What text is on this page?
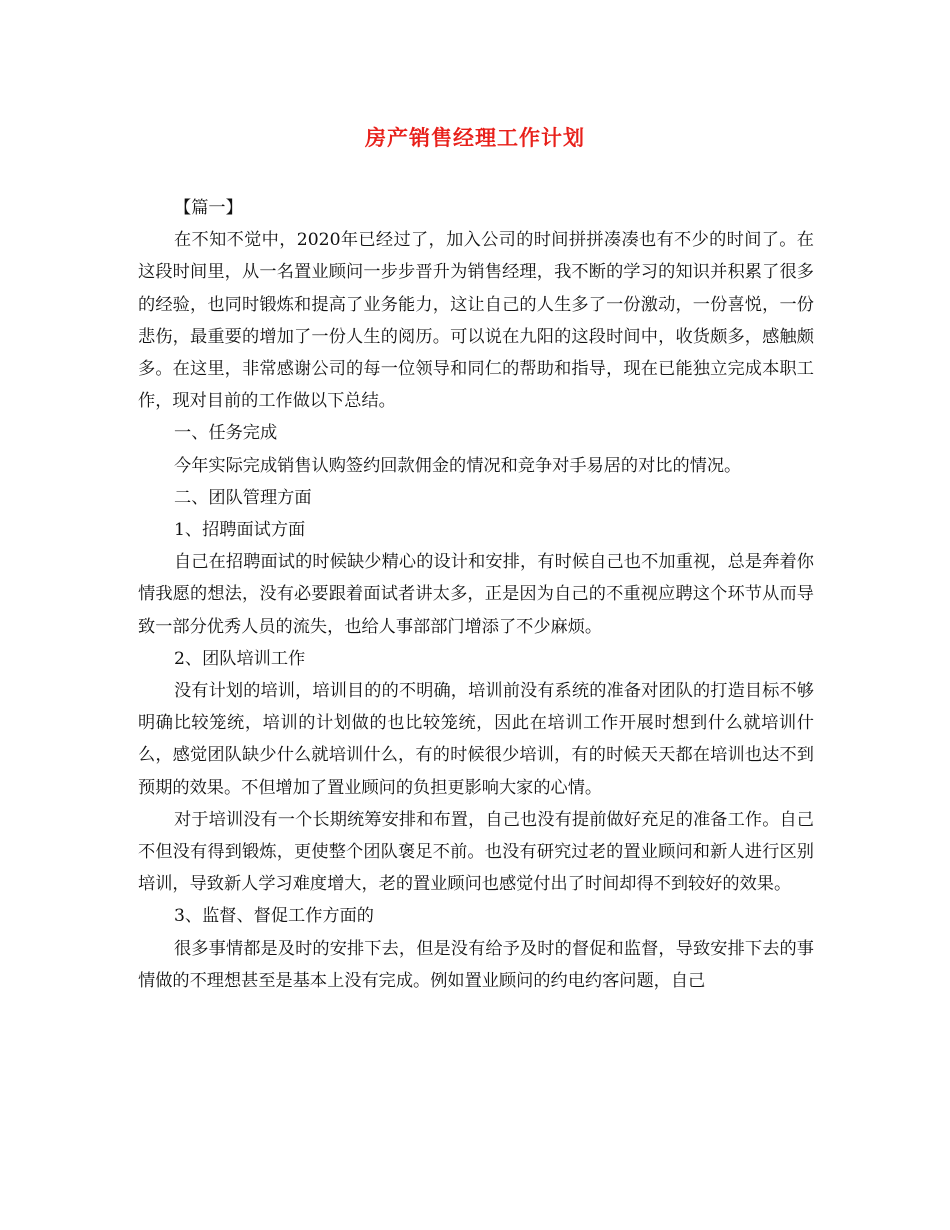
房产销售经理工作计划

【篇一】

在不知不觉中，2020年已经过了，加入公司的时间拼拼凑凑也有不少的时间了。在这段时间里，从一名置业顾问一步步晋升为销售经理，我不断的学习的知识并积累了很多的经验，也同时锻炼和提高了业务能力，这让自己的人生多了一份激动，一份喜悦，一份悲伤，最重要的增加了一份人生的阅历。可以说在九阳的这段时间中，收货颇多，感触颇多。在这里，非常感谢公司的每一位领导和同仁的帮助和指导，现在已能独立完成本职工作，现对目前的工作做以下总结。

一、任务完成

今年实际完成销售认购签约回款佣金的情况和竞争对手易居的对比的情况。

二、团队管理方面

1、招聘面试方面

自己在招聘面试的时候缺少精心的设计和安排，有时候自己也不加重视，总是奔着你情我愿的想法，没有必要跟着面试者讲太多，正是因为自己的不重视应聘这个环节从而导致一部分优秀人员的流失，也给人事部部门增添了不少麻烦。

2、团队培训工作

没有计划的培训，培训目的的不明确，培训前没有系统的准备对团队的打造目标不够明确比较笼统，培训的计划做的也比较笼统，因此在培训工作开展时想到什么就培训什么，感觉团队缺少什么就培训什么，有的时候很少培训，有的时候天天都在培训也达不到预期的效果。不但增加了置业顾问的负担更影响大家的心情。

对于培训没有一个长期统筹安排和布置，自己也没有提前做好充足的准备工作。自己不但没有得到锻炼，更使整个团队褒足不前。也没有研究过老的置业顾问和新人进行区别培训，导致新人学习难度增大，老的置业顾问也感觉付出了时间却得不到较好的效果。

3、监督、督促工作方面的

很多事情都是及时的安排下去，但是没有给予及时的督促和监督，导致安排下去的事情做的不理想甚至是基本上没有完成。例如置业顾问的约电约客问题，自己
